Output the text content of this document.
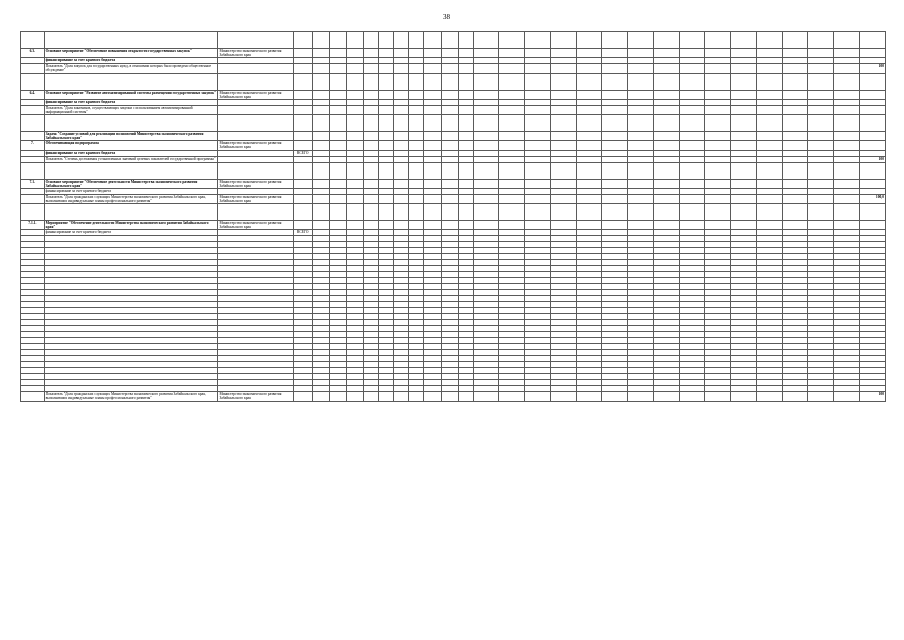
38

6.3.	Основное мероприятие "Обеспечение повышения открытости государственных закупок"	Министерство экономического развития Забайкальского края																											
	финансирование за счет краевого бюджета																												
	Показатель "Доля закупок для государственных нужд, в отношении которых было проведено общественное обсуждение"																												100

6.4.	Основное мероприятие "Развитие автоматизированной системы размещения государственных закупок"	Министерство экономического развития Забайкальского края																											
	финансирование за счет краевого бюджета																												
	Показатель "Доля заказчиков, осуществляющих закупки с использованием автоматизированной информационной системы"																												

	Задача "Создание условий для реализации полномочий Министерства экономического развития Забайкальского края"																												
7.	Обеспечивающая подпрограмма	Министерство экономического развития Забайкальского края																											
	финансирование за счет краевого бюджета		ВСЕГО																										
	Показатель "Степень достижения установленных значений целевых показателей государственной программы"																												100

7.1.	Основное мероприятие "Обеспечение деятельности Министерства экономического развития Забайкальского края"	Министерство экономического развития Забайкальского края																											
	финансирование за счет краевого бюджета																												
	Показатель "Доля гражданских служащих Министерства экономического развития Забайкальского края, выполнивших индивидуальные планы профессионального развития"	Министерство экономического развития Забайкальского края																											100,0

7.1.1.	Мероприятие "Обеспечение деятельности Министерства экономического развития Забайкальского края"	Министерство экономического развития Забайкальского края																											
	финансирование за счет краевого бюджета		ВСЕГО																										

	Показатель "Доля гражданских служащих Министерства экономического развития Забайкальского края, выполнивших индивидуальные планы профессионального развития"	Министерство экономического развития Забайкальского края																											100
